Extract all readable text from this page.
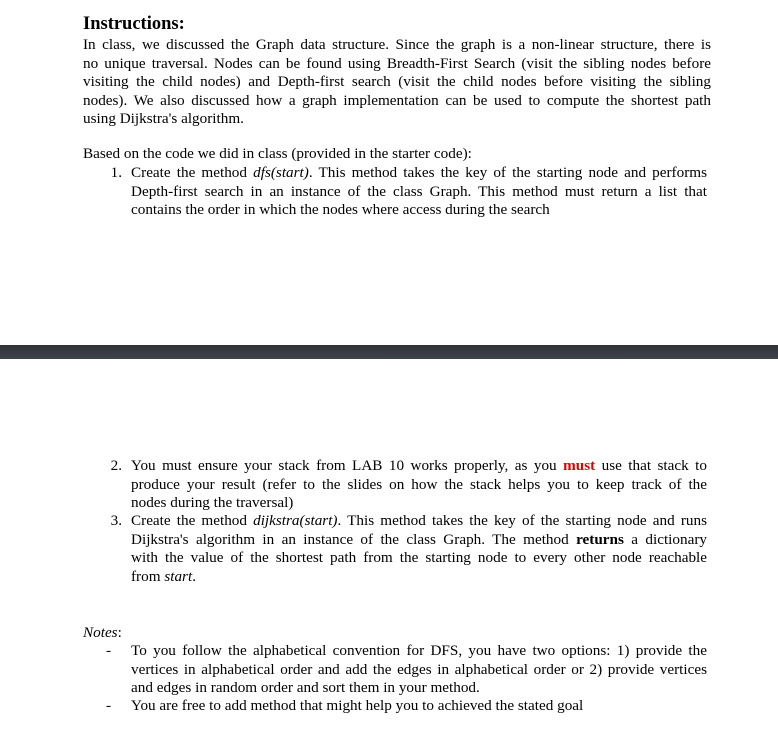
Instructions:
In class, we discussed the Graph data structure. Since the graph is a non-linear structure, there is
no unique traversal. Nodes can be found using Breadth-First Search (visit the sibling nodes before
visiting the child nodes) and Depth-first search (visit the child nodes before visiting the sibling
nodes). We also discussed how a graph implementation can be used to compute the shortest path
using Dijkstra's algorithm.
Based on the code we did in class (provided in the starter code):
1. Create the method dfs(start). This method takes the key of the starting node and performs
Depth-first search in an instance of the class Graph. This method must return a list that
contains the order in which the nodes where access during the search
2. You must ensure your stack from LAB 10 works properly, as you must use that stack to
produce your result (refer to the slides on how the stack helps you to keep track of the
nodes during the traversal)
3. Create the method dijkstra(start). This method takes the key of the starting node and runs
Dijkstra's algorithm in an instance of the class Graph. The method returns a dictionary
with the value of the shortest path from the starting node to every other node reachable
from start.
Notes:
- To you follow the alphabetical convention for DFS, you have two options: 1) provide the
vertices in alphabetical order and add the edges in alphabetical order or 2) provide vertices
and edges in random order and sort them in your method.
- You are free to add method that might help you to achieved the stated goal
